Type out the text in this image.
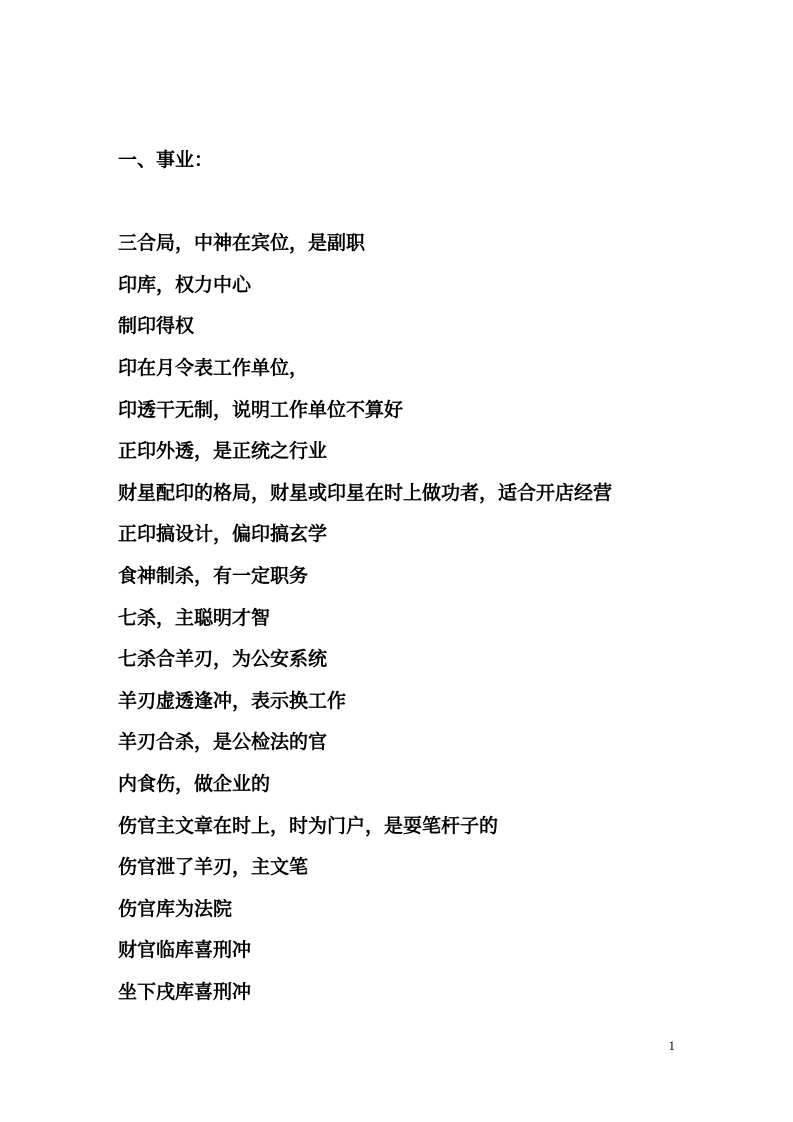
一、事业：

三合局，中神在宾位，是副职

印库，权力中心

制印得权

印在月令表工作单位，

印透干无制，说明工作单位不算好

正印外透，是正统之行业

财星配印的格局，财星或印星在时上做功者，适合开店经营

正印搞设计，偏印搞玄学

食神制杀，有一定职务

七杀，主聪明才智

七杀合羊刃，为公安系统

羊刃虚透逢冲，表示换工作

羊刃合杀，是公检法的官

内食伤，做企业的

伤官主文章在时上，时为门户，是耍笔杆子的

伤官泄了羊刃，主文笔

伤官库为法院

财官临库喜刑冲

坐下戌库喜刑冲

1
